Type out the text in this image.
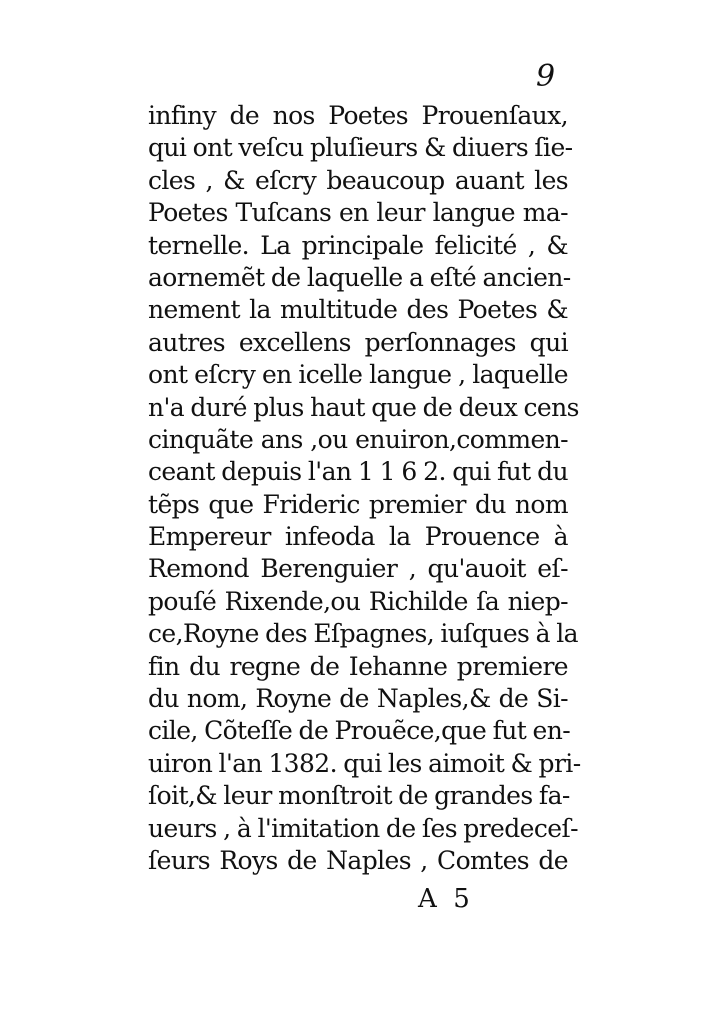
9
infiny de nos Poetes Prouenſaux,
qui ont veſcu pluſieurs & diuers ſie-
cles , & eſcry beaucoup auant les
Poetes Tuſcans en leur langue ma-
ternelle. La principale felicité , &
aornemẽt de laquelle a eſté ancien-
nement la multitude des Poetes &
autres excellens perſonnages qui
ont eſcry en icelle langue , laquelle
n'a duré plus haut que de deux cens
cinquãte ans ,ou enuiron,commen-
ceant depuis l'an 1 1 6 2. qui fut du
tẽps que Frideric premier du nom
Empereur infeoda la Prouence à
Remond Berenguier , qu'auoit eſ-
pouſé Rixende,ou Richilde ſa niep-
ce,Royne des Eſpagnes, iuſques à la
fin du regne de Iehanne premiere
du nom, Royne de Naples,& de Si-
cile, Cõteſſe de Prouẽce,que fut en-
uiron l'an 1382. qui les aimoit & pri-
ſoit,& leur monſtroit de grandes fa-
ueurs , à l'imitation de ſes predeceſ-
ſeurs Roys de Naples , Comtes de
A  5
